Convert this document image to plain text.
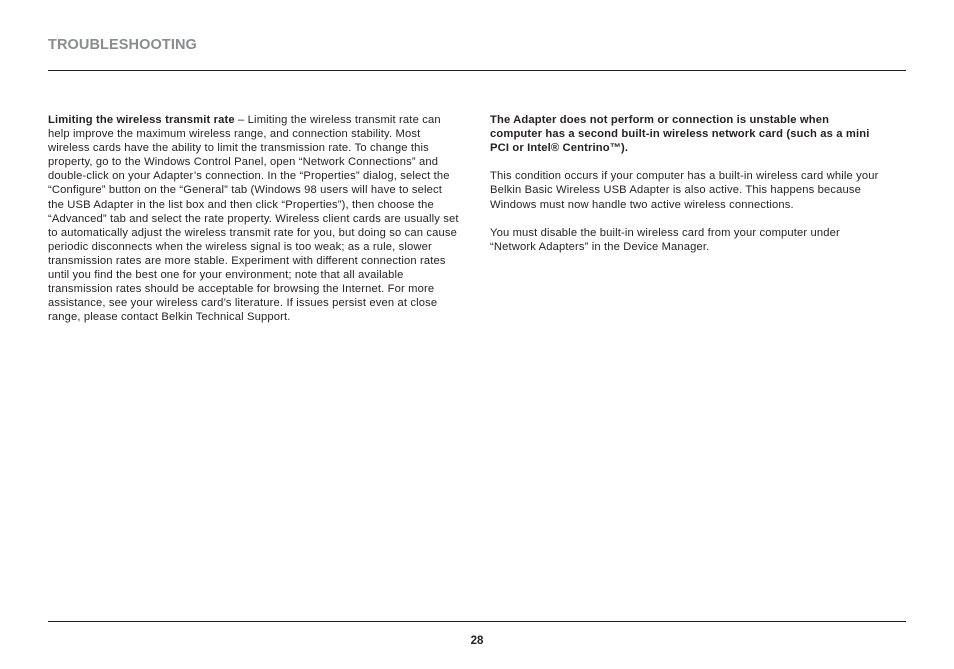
TROUBLESHOOTING

Limiting the wireless transmit rate – Limiting the wireless transmit rate can help improve the maximum wireless range, and connection stability. Most wireless cards have the ability to limit the transmission rate. To change this property, go to the Windows Control Panel, open “Network Connections” and double-click on your Adapter’s connection. In the “Properties” dialog, select the “Configure” button on the “General” tab (Windows 98 users will have to select the USB Adapter in the list box and then click “Properties”), then choose the “Advanced” tab and select the rate property. Wireless client cards are usually set to automatically adjust the wireless transmit rate for you, but doing so can cause periodic disconnects when the wireless signal is too weak; as a rule, slower transmission rates are more stable. Experiment with different connection rates until you find the best one for your environment; note that all available transmission rates should be acceptable for browsing the Internet. For more assistance, see your wireless card’s literature. If issues persist even at close range, please contact Belkin Technical Support.

The Adapter does not perform or connection is unstable when computer has a second built-in wireless network card (such as a mini PCI or Intel® Centrino™).

This condition occurs if your computer has a built-in wireless card while your Belkin Basic Wireless USB Adapter is also active. This happens because Windows must now handle two active wireless connections.

You must disable the built-in wireless card from your computer under “Network Adapters” in the Device Manager.

28
